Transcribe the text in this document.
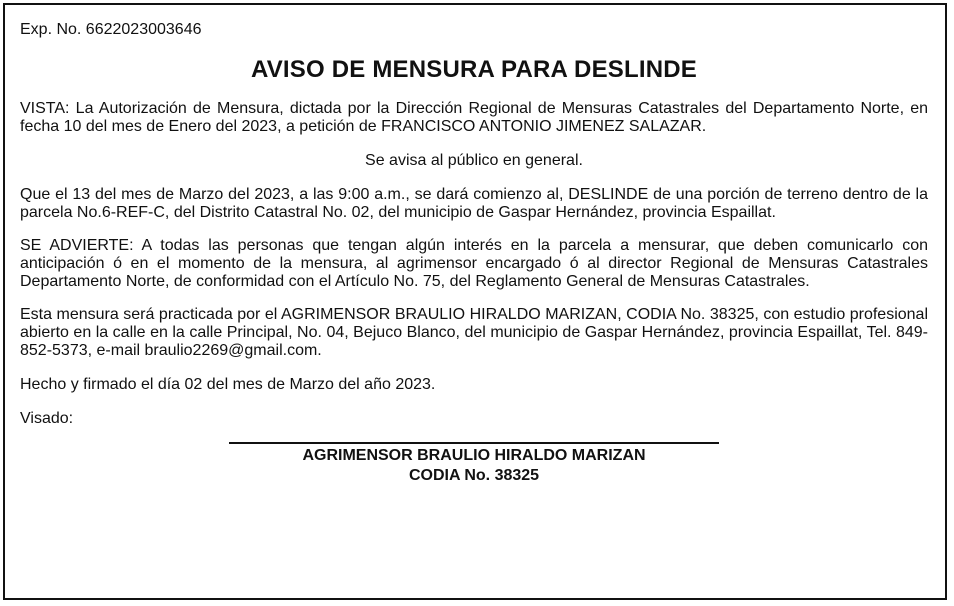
Exp. No. 6622023003646

AVISO DE MENSURA PARA DESLINDE

VISTA: La Autorización de Mensura, dictada por la Dirección Regional de Mensuras Catastrales del Departamento Norte, en fecha 10 del mes de Enero del 2023, a petición de FRANCISCO ANTONIO JIMENEZ SALAZAR.

Se avisa al público en general.

Que el 13 del mes de Marzo del 2023, a las 9:00 a.m., se dará comienzo al, DESLINDE de una porción de terreno dentro de la parcela No.6-REF-C, del Distrito Catastral No. 02, del municipio de Gaspar Hernández, provincia Espaillat.

SE ADVIERTE: A todas las personas que tengan algún interés en la parcela a mensurar, que deben comunicarlo con anticipación ó en el momento de la mensura, al agrimensor encargado ó al director Regional de Mensuras Catastrales Departamento Norte, de conformidad con el Artículo No. 75, del Reglamento General de Mensuras Catastrales.

Esta mensura será practicada por el AGRIMENSOR BRAULIO HIRALDO MARIZAN, CODIA No. 38325, con estudio profesional abierto en la calle en la calle Principal, No. 04, Bejuco Blanco, del municipio de Gaspar Hernández, provincia Espaillat, Tel. 849-852-5373, e-mail braulio2269@gmail.com.

Hecho y firmado el día 02 del mes de Marzo del año 2023.

Visado:

AGRIMENSOR BRAULIO HIRALDO MARIZAN

CODIA No. 38325
